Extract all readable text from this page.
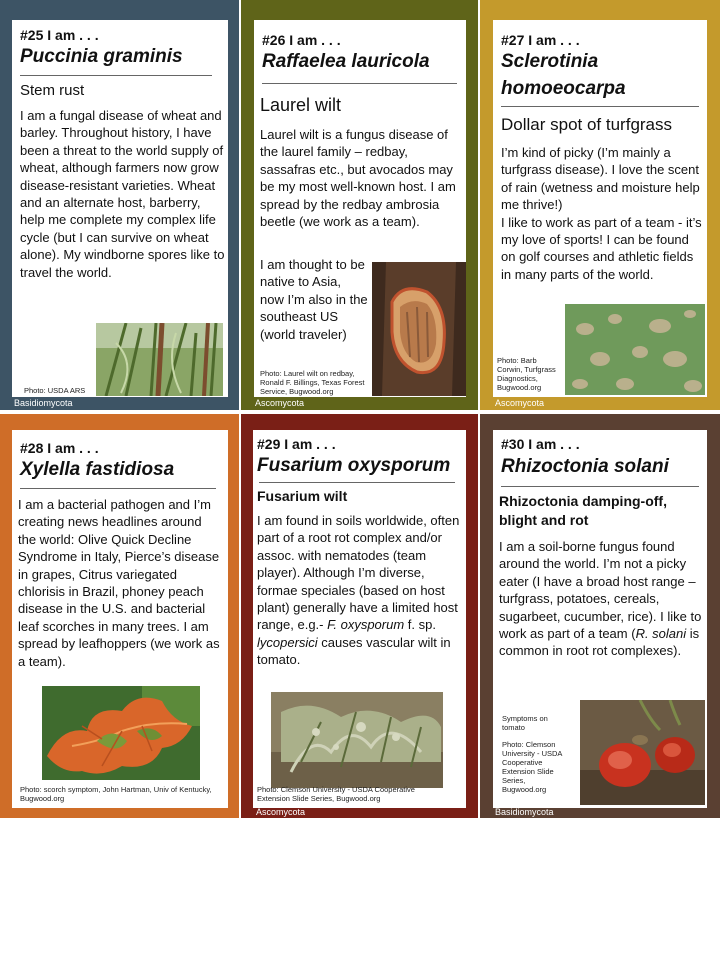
#25 I am . . .
Puccinia graminis
Stem rust
I am a fungal disease of wheat and barley. Throughout history, I have been a threat to the world supply of wheat, although farmers now grow disease-resistant varieties. Wheat and an alternate host, barberry, help me complete my complex life cycle (but I can survive on wheat alone). My windborne spores like to travel the world.
Photo: USDA ARS
Basidiomycota
#26 I am . . .
Raffaelea lauricola
Laurel wilt
Laurel wilt is a fungus disease of the laurel family – redbay, sassafras etc., but avocados may be my most well-known host. I am spread by the redbay ambrosia beetle (we work as a team).
I am thought to be native to Asia, now I’m also in the southeast US (world traveler)
Photo: Laurel wilt on redbay, Ronald F. Billings, Texas Forest Service, Bugwood.org
Ascomycota
#27 I am . . .
Sclerotinia homoeocarpa
Dollar spot of turfgrass
I’m kind of picky (I’m mainly a turfgrass disease). I love the scent of rain (wetness and moisture help me thrive!)
I like to work as part of a team - it’s my love of sports! I can be found on golf courses and athletic fields in many parts of the world.
Photo: Barb Corwin, Turfgrass Diagnostics, Bugwood.org
Ascomycota
#28 I am . . .
Xylella fastidiosa
I am a bacterial pathogen and I’m creating news headlines around the world: Olive Quick Decline Syndrome in Italy, Pierce’s disease in grapes, Citrus variegated chlorisis in Brazil, phoney peach disease in the U.S. and bacterial leaf scorches in many trees. I am spread by leafhoppers (we work as a team).
Photo: scorch symptom, John Hartman, Univ of Kentucky, Bugwood.org
#29 I am . . .
Fusarium oxysporum
Fusarium wilt
I am found in soils worldwide, often part of a root rot complex and/or assoc. with nematodes (team player). Although I’m diverse, formae speciales (based on host plant) generally have a limited host range, e.g.- F. oxysporum f. sp. lycopersici causes vascular wilt in tomato.
Photo: Clemson University - USDA Cooperative Extension Slide Series, Bugwood.org
Ascomycota
#30 I am . . .
Rhizoctonia solani
Rhizoctonia damping-off, blight and rot
I am a soil-borne fungus found around the world. I’m not a picky eater (I have a broad host range – turfgrass, potatoes, cereals, sugarbeet, cucumber, rice). I like to work as part of a team (R. solani is common in root rot complexes).
Symptoms on tomato
Photo: Clemson University - USDA Cooperative Extension Slide Series, Bugwood.org
Basidiomycota
